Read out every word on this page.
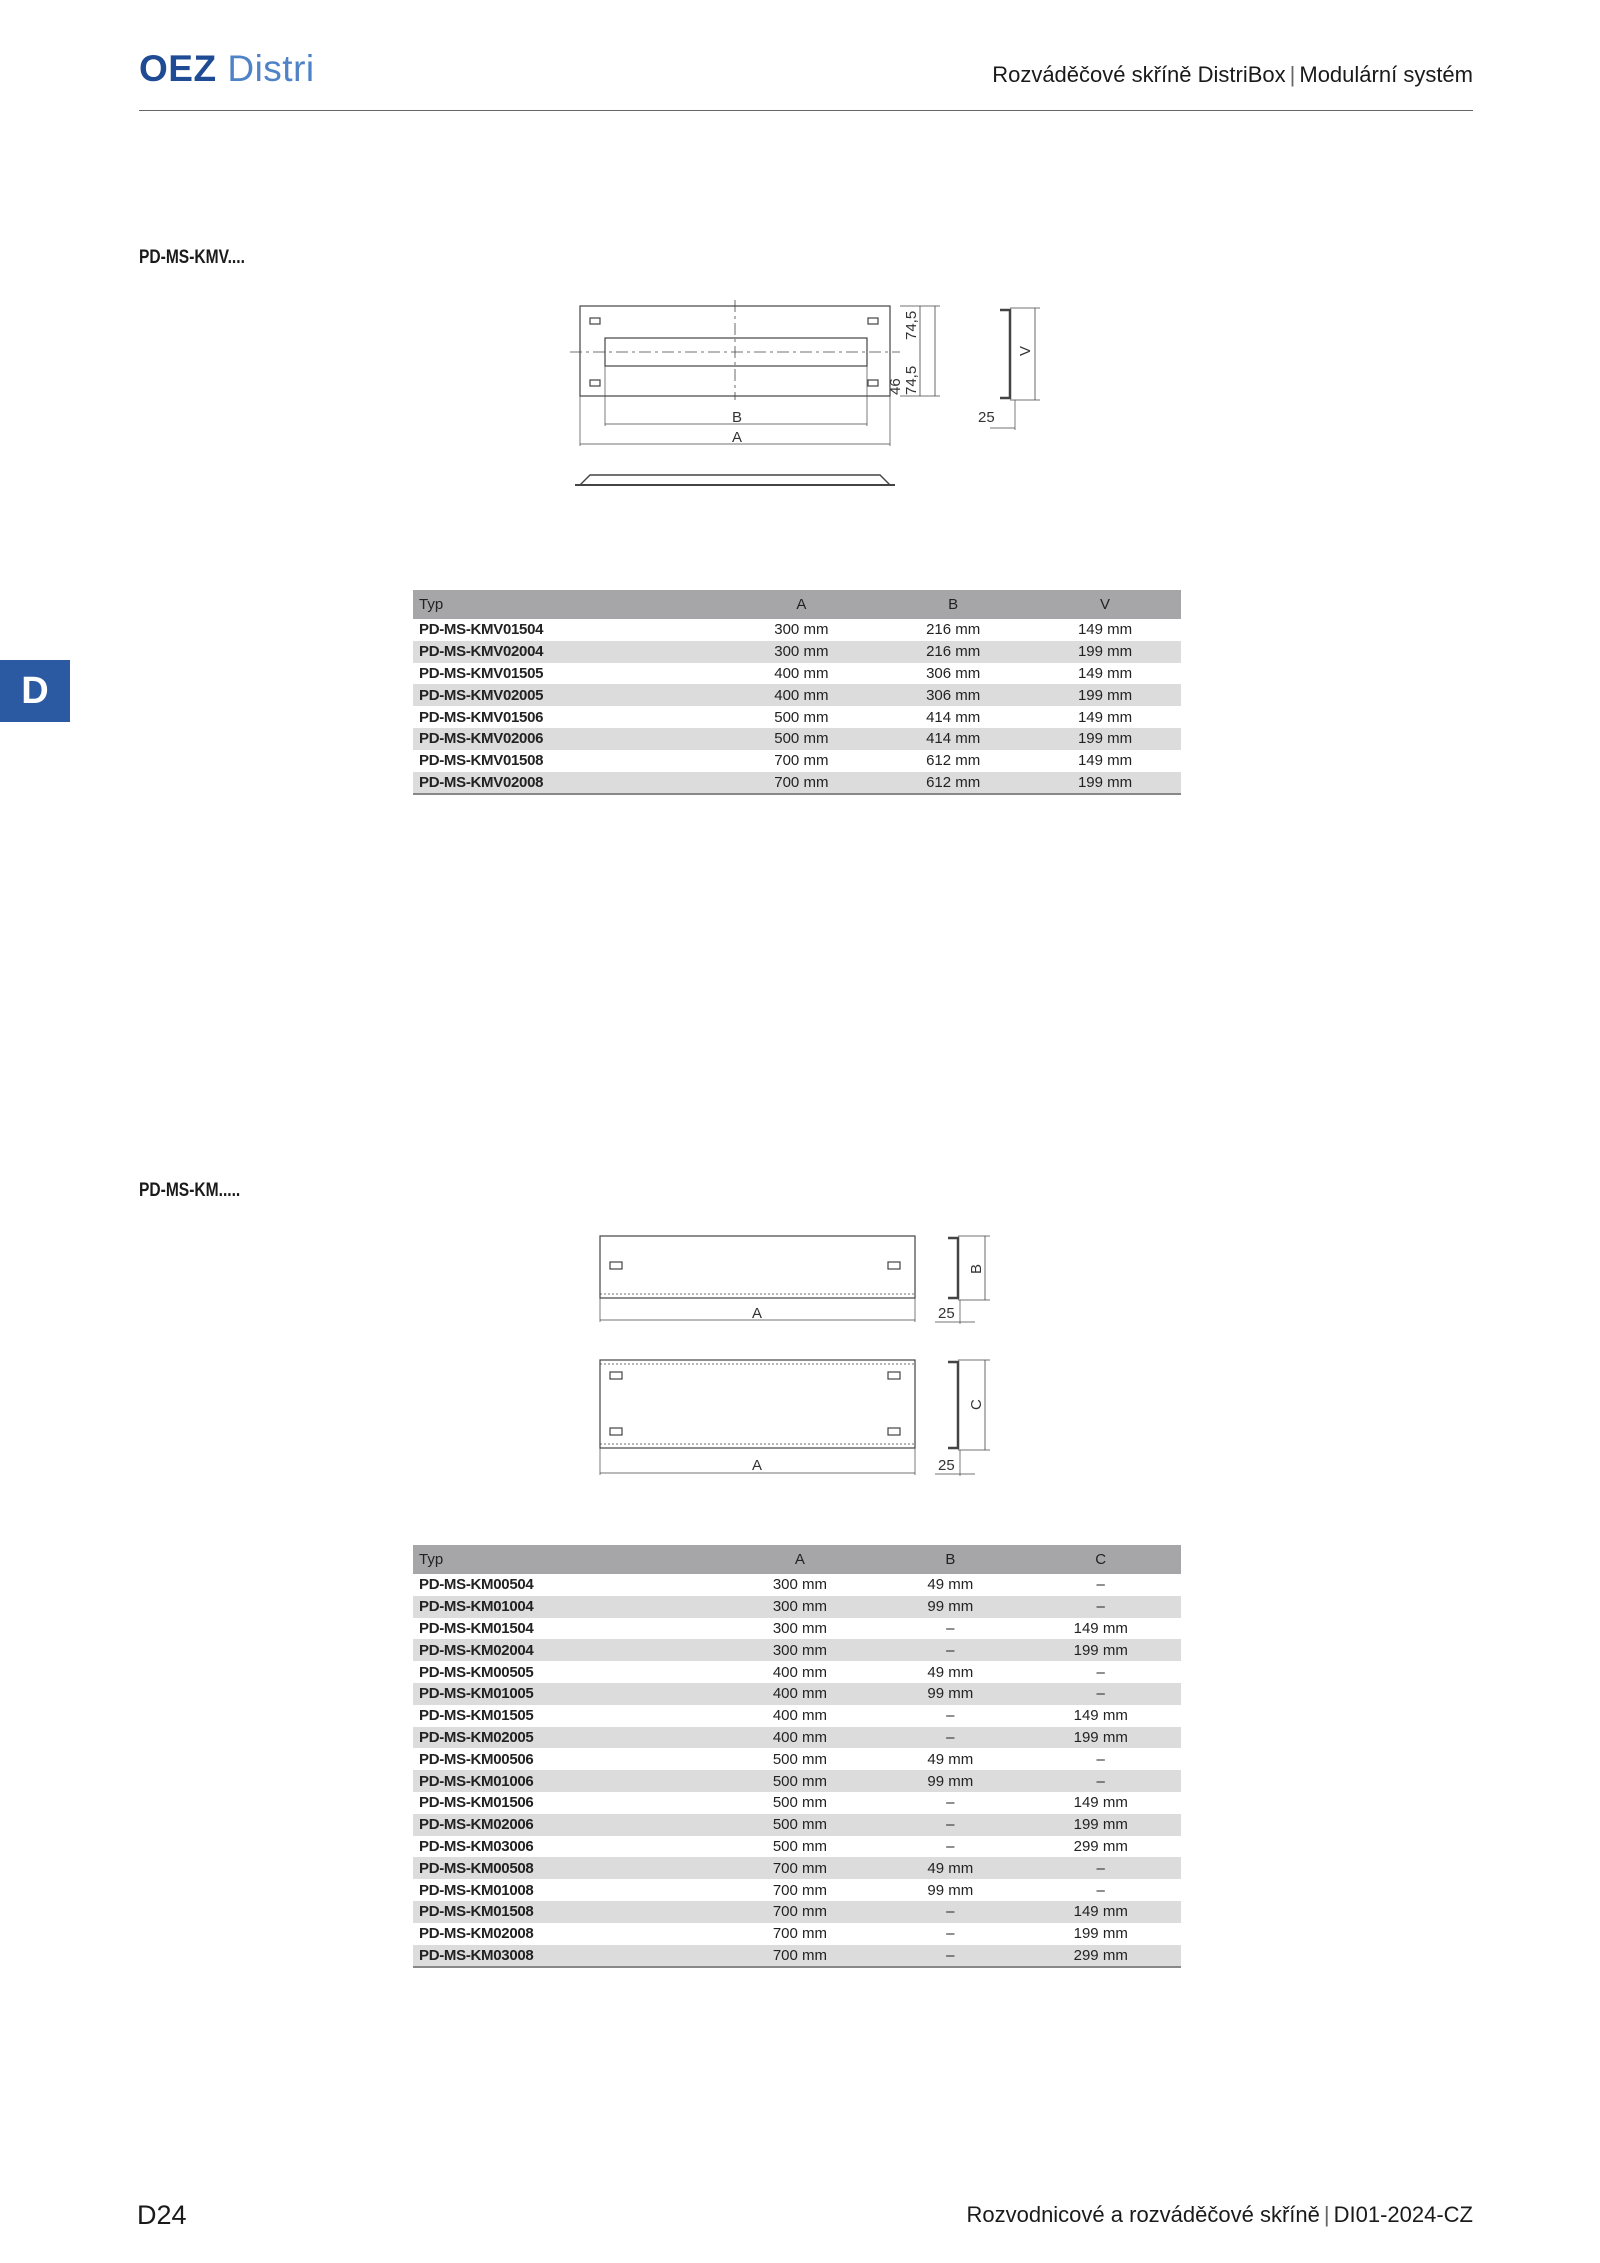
OEZ Distri	Rozváděčové skříně DistriBox | Modulární systém
D
PD-MS-KMV....
B
A
25
V
74,5
74,5
46
Typ	A	B	V
PD-MS-KMV01504	300 mm	216 mm	149 mm
PD-MS-KMV02004	300 mm	216 mm	199 mm
PD-MS-KMV01505	400 mm	306 mm	149 mm
PD-MS-KMV02005	400 mm	306 mm	199 mm
PD-MS-KMV01506	500 mm	414 mm	149 mm
PD-MS-KMV02006	500 mm	414 mm	199 mm
PD-MS-KMV01508	700 mm	612 mm	149 mm
PD-MS-KMV02008	700 mm	612 mm	199 mm
PD-MS-KM.....
A
A
25
25
B
C
Typ	A	B	C
PD-MS-KM00504	300 mm	49 mm	–
PD-MS-KM01004	300 mm	99 mm	–
PD-MS-KM01504	300 mm	–	149 mm
PD-MS-KM02004	300 mm	–	199 mm
PD-MS-KM00505	400 mm	49 mm	–
PD-MS-KM01005	400 mm	99 mm	–
PD-MS-KM01505	400 mm	–	149 mm
PD-MS-KM02005	400 mm	–	199 mm
PD-MS-KM00506	500 mm	49 mm	–
PD-MS-KM01006	500 mm	99 mm	–
PD-MS-KM01506	500 mm	–	149 mm
PD-MS-KM02006	500 mm	–	199 mm
PD-MS-KM03006	500 mm	–	299 mm
PD-MS-KM00508	700 mm	49 mm	–
PD-MS-KM01008	700 mm	99 mm	–
PD-MS-KM01508	700 mm	–	149 mm
PD-MS-KM02008	700 mm	–	199 mm
PD-MS-KM03008	700 mm	–	299 mm
D24	Rozvodnicové a rozváděčové skříně | DI01-2024-CZ
